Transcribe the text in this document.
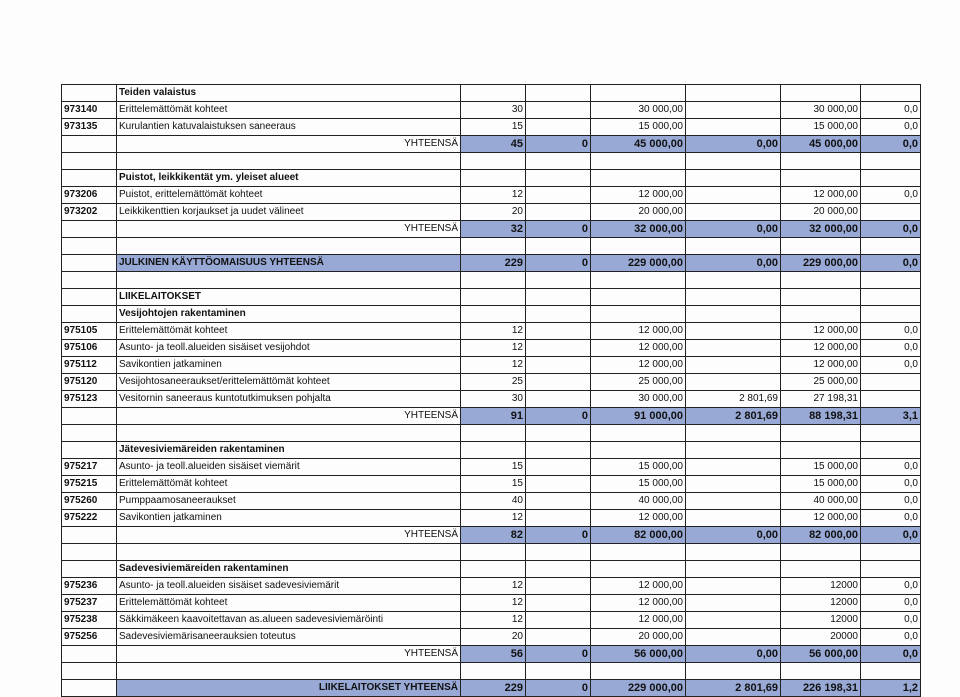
	Teiden valaistus						
973140	Erittelemättömät kohteet	30		30 000,00		30 000,00	0,0
973135	Kurulantien katuvalaistuksen saneeraus	15		15 000,00		15 000,00	0,0
	YHTEENSÄ	45	0	45 000,00	0,00	45 000,00	0,0

	Puistot, leikkikentät ym. yleiset alueet						
973206	Puistot, erittelemättömät kohteet	12		12 000,00		12 000,00	0,0
973202	Leikkikenttien korjaukset ja uudet välineet	20		20 000,00		20 000,00	
	YHTEENSÄ	32	0	32 000,00	0,00	32 000,00	0,0

	JULKINEN KÄYTTÖOMAISUUS YHTEENSÄ	229	0	229 000,00	0,00	229 000,00	0,0

	LIIKELAITOKSET						
	Vesijohtojen rakentaminen						
975105	Erittelemättömät kohteet	12		12 000,00		12 000,00	0,0
975106	Asunto- ja teoll.alueiden sisäiset vesijohdot	12		12 000,00		12 000,00	0,0
975112	Savikontien jatkaminen	12		12 000,00		12 000,00	0,0
975120	Vesijohtosaneeraukset/erittelemättömät kohteet	25		25 000,00		25 000,00	
975123	Vesitornin saneeraus kuntotutkimuksen pohjalta	30		30 000,00	2 801,69	27 198,31	
	YHTEENSÄ	91	0	91 000,00	2 801,69	88 198,31	3,1

	Jätevesiviemäreiden rakentaminen						
975217	Asunto- ja teoll.alueiden sisäiset viemärit	15		15 000,00		15 000,00	0,0
975215	Erittelemättömät kohteet	15		15 000,00		15 000,00	0,0
975260	Pumppaamosaneeraukset	40		40 000,00		40 000,00	0,0
975222	Savikontien jatkaminen	12		12 000,00		12 000,00	0,0
	YHTEENSÄ	82	0	82 000,00	0,00	82 000,00	0,0

	Sadevesiviemäreiden rakentaminen						
975236	Asunto- ja teoll.alueiden sisäiset sadevesiviemärit	12		12 000,00		12000	0,0
975237	Erittelemättömät kohteet	12		12 000,00		12000	0,0
975238	Säkkimäkeen kaavoitettavan as.alueen sadevesiviemäröinti	12		12 000,00		12000	0,0
975256	Sadevesiviemärisaneerauksien toteutus	20		20 000,00		20000	0,0
	YHTEENSÄ	56	0	56 000,00	0,00	56 000,00	0,0

	LIIKELAITOKSET YHTEENSÄ	229	0	229 000,00	2 801,69	226 198,31	1,2
